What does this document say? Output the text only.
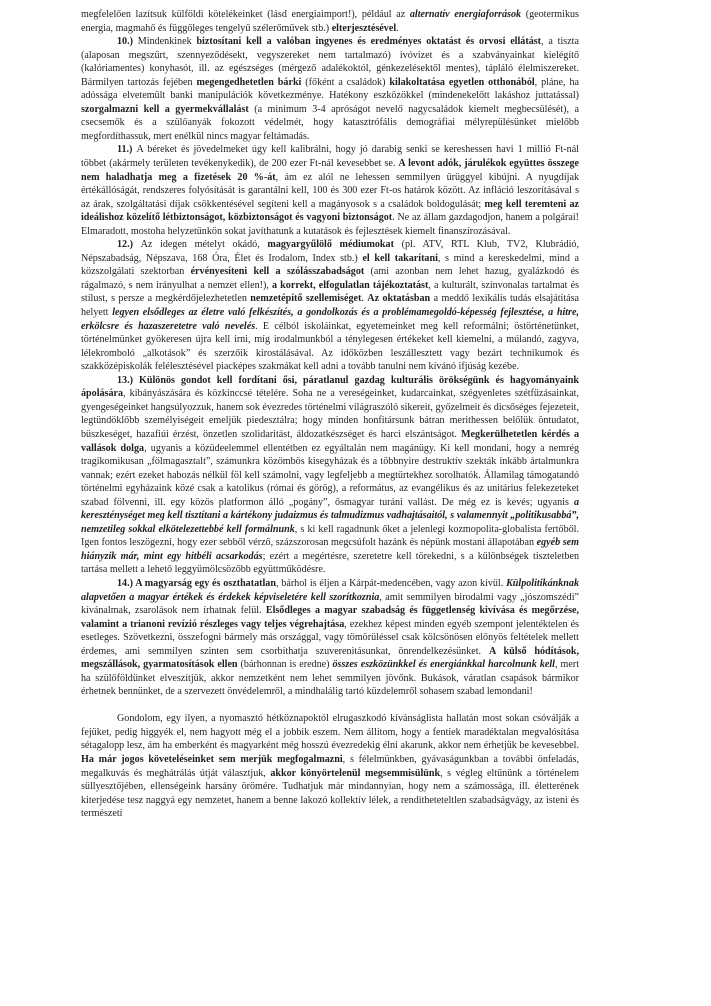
megfelelően lazítsuk külföldi kötelékeinket (lásd energiaimport!), például az alternatív energiaforrások (geotermikus energia, magmahő és függőleges tengelyű szélerőművek stb.) elterjesztésével.

10.) Mindenkinek biztosítani kell a valóban ingyenes és eredményes oktatást és orvosi ellátást, a tiszta (alaposan megszűrt, szennyeződésekt, vegyszereket nem tartalmazó) ivóvizet és a szabványainkat kielégítő (kalóriamentes) konyhasót, ill. az egészséges (mérgező adalékoktól, génkezelésektől mentes), tápláló élelmiszereket. Bármilyen tartozás fejében megengedhetetlen bárki (főként a családok) kilakoltatása egyetlen otthonából, pláne, ha adóssága elvetemült banki manipulációk következménye. Hatékony eszközökkel (mindenekelőtt lakáshoz juttatással) szorgalmazni kell a gyermekvállalást (a minimum 3-4 apróságot nevelő nagycsaládok kiemelt megbecsülését), a csecsemők és a szülőanyák fokozott védelmét, hogy katasztrófális demográfiai mélyrepülésünket mielőbb megfordíthassuk, mert enélkül nincs magyar feltámadás.

11.) A béreket és jövedelmeket úgy kell kalibrálni, hogy jó darabig senki se kereshessen havi 1 millió Ft-nál többet (akármely területen tevékenykedik), de 200 ezer Ft-nál kevesebbet se. A levont adók, járulékok együttes összege nem haladhatja meg a fizetések 20 %-át, ám ez alól ne lehessen semmilyen ürüggyel kibújni. A nyugdíjak értékállóságát, rendszeres folyósítását is garantálni kell, 100 és 300 ezer Ft-os határok között. Az infláció leszorításával s az árak, szolgáltatási díjak csökkentésével segíteni kell a magányosok s a családok boldogulását; meg kell teremteni az ideálishoz közelítő létbiztonságot, közbiztonságot és vagyoni biztonságot. Ne az állam gazdagodjon, hanem a polgárai! Elmaradott, mostoha helyzetünkön sokat javíthatunk a kutatások és fejlesztések kiemelt finanszírozásával.

12.) Az idegen mételyt okádó, magyargyűlölő médiumokat (pl. ATV, RTL Klub, TV2, Klubrádió, Népszabadság, Népszava, 168 Óra, Élet és Irodalom, Index stb.) el kell takarítani, s mind a kereskedelmi, mind a közszolgálati szektorban érvényesíteni kell a szólásszabadságot (ami azonban nem lehet hazug, gyalázkodó és rágalmazó, s nem irányulhat a nemzet ellen!), a korrekt, elfogulatlan tájékoztatást, a kulturált, színvonalas tartalmat és stílust, s persze a megkérdőjelezhetetlen nemzetépítő szellemiséget. Az oktatásban a meddő lexikális tudás elsajátítása helyett legyen elsődleges az életre való felkészítés, a gondolkozás és a problémamegoldó-képesség fejlesztése, a hitre, erkölcsre és hazaszeretetre való nevelés. E célból iskoláinkat, egyetemeinket meg kell reformálni; östörténetünket, történelmünket gyökeresen újra kell írni, míg irodalmunkból a ténylegesen értékeket kell kiemelni, a múlandó, zagyva, lélekromboló „alkotások” és szerzőik kirostálásával. Az időközben leszállesztett vagy bezárt technikumok és szakközépiskolák felélesztésével piacképes szakmákat kell adni a tovább tanulni nem kívánó ifjúság kezébe.

13.) Különös gondot kell fordítani ősi, páratlanul gazdag kulturális örökségünk és hagyományaink ápolására, kibányászására és közkinccsé tételére. Soha ne a vereségeinket, kudarcainkat, szégyenletes szétfüzásainkat, gyengeségeinket hangsúlyozzuk, hanem sok évezredes történelmi világraszóló sikereit, győzelmeit és dicsőséges fejezeteit, legtündöklőbb személyiségeit emeljük piedesztálra; hogy minden honfitársunk bátran merithessen belőlük öntudatot, büszkeséget, hazafiúi érzést, önzetlen szolidaritást, áldozatkészséget és harci elszántságot. Megkerülhetetlen kérdés a vallások dolga, ugyanis a közüdeelemmel ellentétben ez egyáltalán nem magánügy. Ki kell mondani, hogy a nemrég tragikomikusan „fölmagasztalt”, számunkra közömbös kisegyházak és a többnyire destruktív szekták inkább ártalmunkra vannak; ezért ezeket habozás nélkül föl kell számolni, vagy legfeljebb a megtűrtekhez sorolhatók. Államilag támogatandó történelmi egyházaink közé csak a katolikus (római és görög), a református, az evangélikus és az unitárius felekezeteket szabad fölvenni, ill. egy közös platformon álló „pogány”, ősmagyar turáni vallást. De még ez is kevés; ugyanis a kereszténységet meg kell tisztítani a kártékony judaizmus és talmudizmus vadhajtásaitól, s valamennyit „politikusabbá”, nemzetileg sokkal elkötelezettebbé kell formálnunk, s ki kell ragadnunk őket a jelenlegi kozmopolita-globalista fertőből. Igen fontos leszögezni, hogy ezer sebből vérző, százszorosan megcsúfolt hazánk és népünk mostani állapotában egyéb sem hiányzik már, mint egy hitbéli acsarkodás; ezért a megértésre, szeretetre kell törekedni, s a különbségek tiszteletben tartása mellett a lehető leggyümölcsözőbb együttműködésre.

14.) A magyarság egy és oszthatatlan, bárhol is éljen a Kárpát-medencében, vagy azon kívül. Külpolitikánknak alapvetően a magyar értékek és érdekek képviseletére kell szorítkoznia, amit semmilyen birodalmi vagy „jószomszédi” kívánalmak, zsarolások nem írhatnak felül. Elsődleges a magyar szabadság és függetlenség kivívása és megőrzése, valamint a trianoni revízió részleges vagy teljes végrehajtása, ezekhez képest minden egyéb szempont jelentéktelen és esetleges. Szövetkezni, összefogni bármely más országgal, vagy tömörüléssel csak kölcsönösen előnyös feltételek mellett érdemes, ami semmilyen szinten sem csorbíthatja szuverenitásunkat, önrendelkezésünket. A külső hódítások, megszállások, gyarmatosítások ellen (bárhonnan is eredne) összes eszközünkkel és energiánkkal harcolnunk kell, mert ha szülőföldünket elveszítjük, akkor nemzetként nem lehet semmilyen jövőnk. Bukások, váratlan csapások bármikor érhetnek bennünket, de a szervezett önvédelemről, a mindhalálig tartó küzdelemről sohasem szabad lemondani!

Gondolom, egy ilyen, a nyomasztó hétköznapoktól elrugaszkodó kívánságlista hallatán most sokan csóválják a fejüket, pedig higgyék el, nem hagyott még el a jobbik eszem. Nem állítom, hogy a fentiek maradéktalan megvalósítása sétagalopp lesz, ám ha emberként és magyarként még hosszú évezredekig élni akarunk, akkor nem érhetjük be kevesebbel. Ha már jogos követeléseinket sem merjük megfogalmazni, s félelmünkben, gyávaságunkban a további önfeladás, megalkuvás és meghátrálás útját választjuk, akkor könyörtelenül megsemmisülünk, s végleg eltűnünk a történelem süllyesztőjében, ellenségeink harsány örömére. Tudhatjuk már mindannyian, hogy nem a számossága, ill. életterének kiterjedése tesz naggyá egy nemzetet, hanem a benne lakozó kollektív lélek, a renditheteteltlen szabadságvágy, az isteni és természeti
